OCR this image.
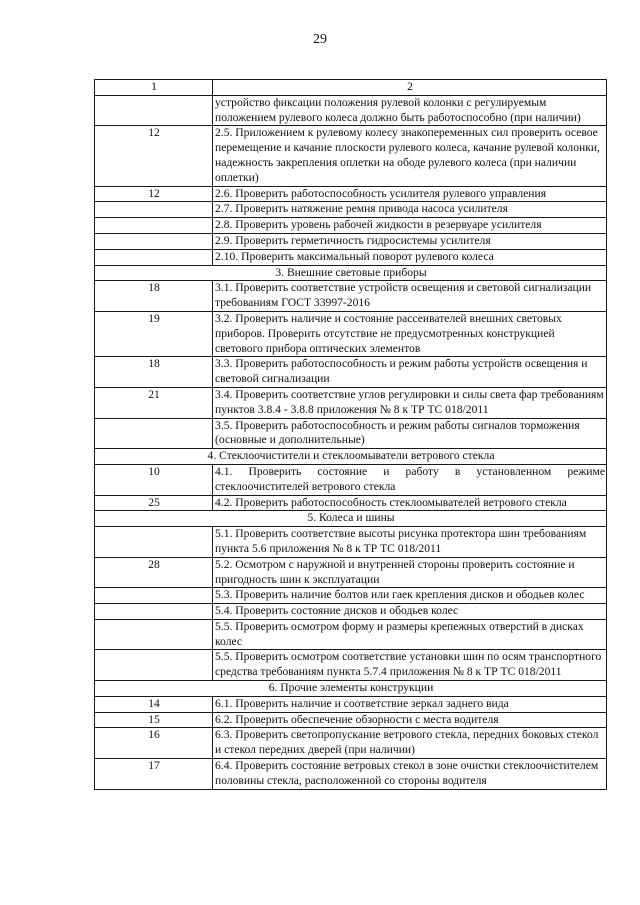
29
1	2
	устройство фиксации положения рулевой колонки с регулируемым положением рулевого колеса должно быть работоспособно (при наличии)
12	2.5. Приложением к рулевому колесу знакопеременных сил проверить осевое перемещение и качание плоскости рулевого колеса, качание рулевой колонки, надежность закрепления оплетки на ободе рулевого колеса (при наличии оплетки)
12	2.6. Проверить работоспособность усилителя рулевого управления
	2.7. Проверить натяжение ремня привода насоса усилителя
	2.8. Проверить уровень рабочей жидкости в резервуаре усилителя
	2.9. Проверить герметичность гидросистемы усилителя
	2.10. Проверить максимальный поворот рулевого колеса
3. Внешние световые приборы	
18	3.1. Проверить соответствие устройств освещения и световой сигнализации требованиям ГОСТ 33997-2016
19	3.2. Проверить наличие и состояние рассеивателей внешних световых приборов. Проверить отсутствие не предусмотренных конструкцией светового прибора оптических элементов
18	3.3. Проверить работоспособность и режим работы устройств освещения и световой сигнализации
21	3.4. Проверить соответствие углов регулировки и силы света фар требованиям пунктов 3.8.4 - 3.8.8 приложения № 8 к ТР ТС 018/2011
	3.5. Проверить работоспособность и режим работы сигналов торможения (основные и дополнительные)
4. Стеклоочистители и стеклоомыватели ветрового стекла	
10	4.1. Проверить состояние и работу в установленном режиме
стеклоочистителей ветрового стекла

25	4.2. Проверить работоспособность стеклоомывателей ветрового стекла
5. Колеса и шины	
	5.1. Проверить соответствие высоты рисунка протектора шин требованиям пункта 5.6 приложения № 8 к ТР ТС 018/2011
28	5.2. Осмотром с наружной и внутренней стороны проверить состояние и пригодность шин к эксплуатации
	5.3. Проверить наличие болтов или гаек крепления дисков и ободьев колес
	5.4. Проверить состояние дисков и ободьев колес
	5.5. Проверить осмотром форму и размеры крепежных отверстий в дисках колес
	5.5. Проверить осмотром соответствие установки шин по осям транспортного средства требованиям пункта 5.7.4 приложения № 8 к ТР ТС 018/2011
6. Прочие элементы конструкции	
14	6.1. Проверить наличие и соответствие зеркал заднего вида
15	6.2. Проверить обеспечение обзорности с места водителя
16	6.3. Проверить светопропускание ветрового стекла, передних боковых стекол и стекол передних дверей (при наличии)
17	6.4. Проверить состояние ветровых стекол в зоне очистки стеклоочистителем половины стекла, расположенной со стороны водителя
